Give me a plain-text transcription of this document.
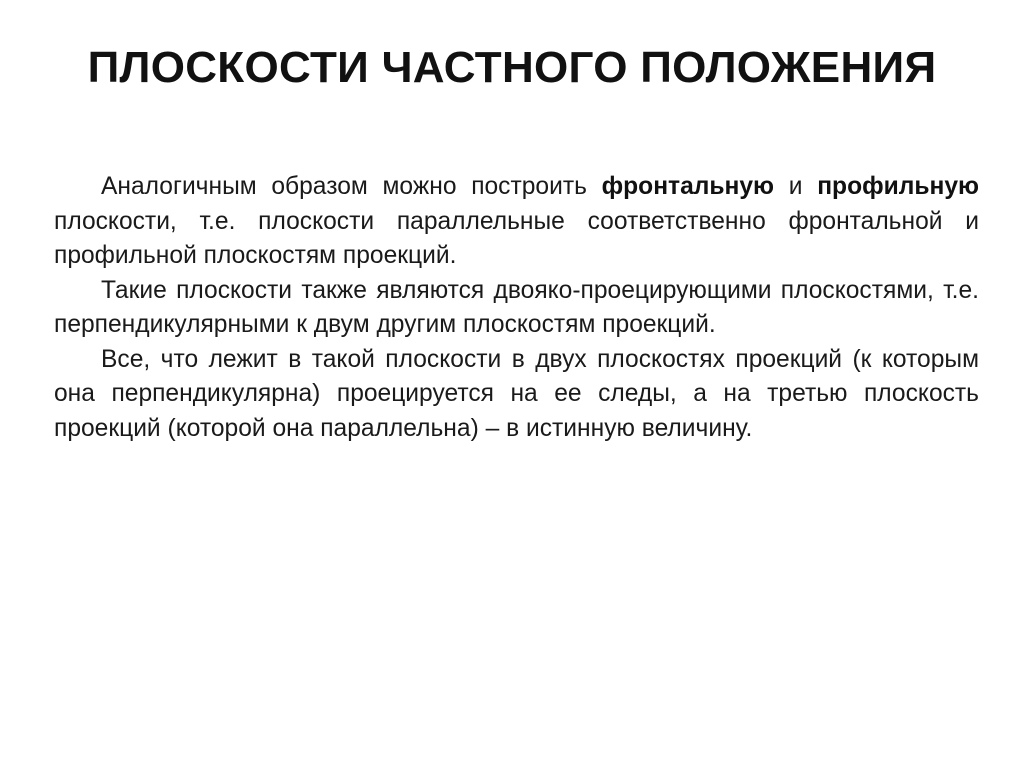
ПЛОСКОСТИ ЧАСТНОГО ПОЛОЖЕНИЯ

Аналогичным образом можно построить фронтальную и профильную плоскости, т.е. плоскости параллельные соответственно фронтальной и профильной плоскостям проекций.

Такие плоскости также являются двояко-проецирующими плоскостями, т.е. перпендикулярными к двум другим плоскостям проекций.

Все, что лежит в такой плоскости в двух плоскостях проекций (к которым она перпендикулярна) проецируется на ее следы, а на третью плоскость проекций (которой она параллельна) – в истинную величину.
